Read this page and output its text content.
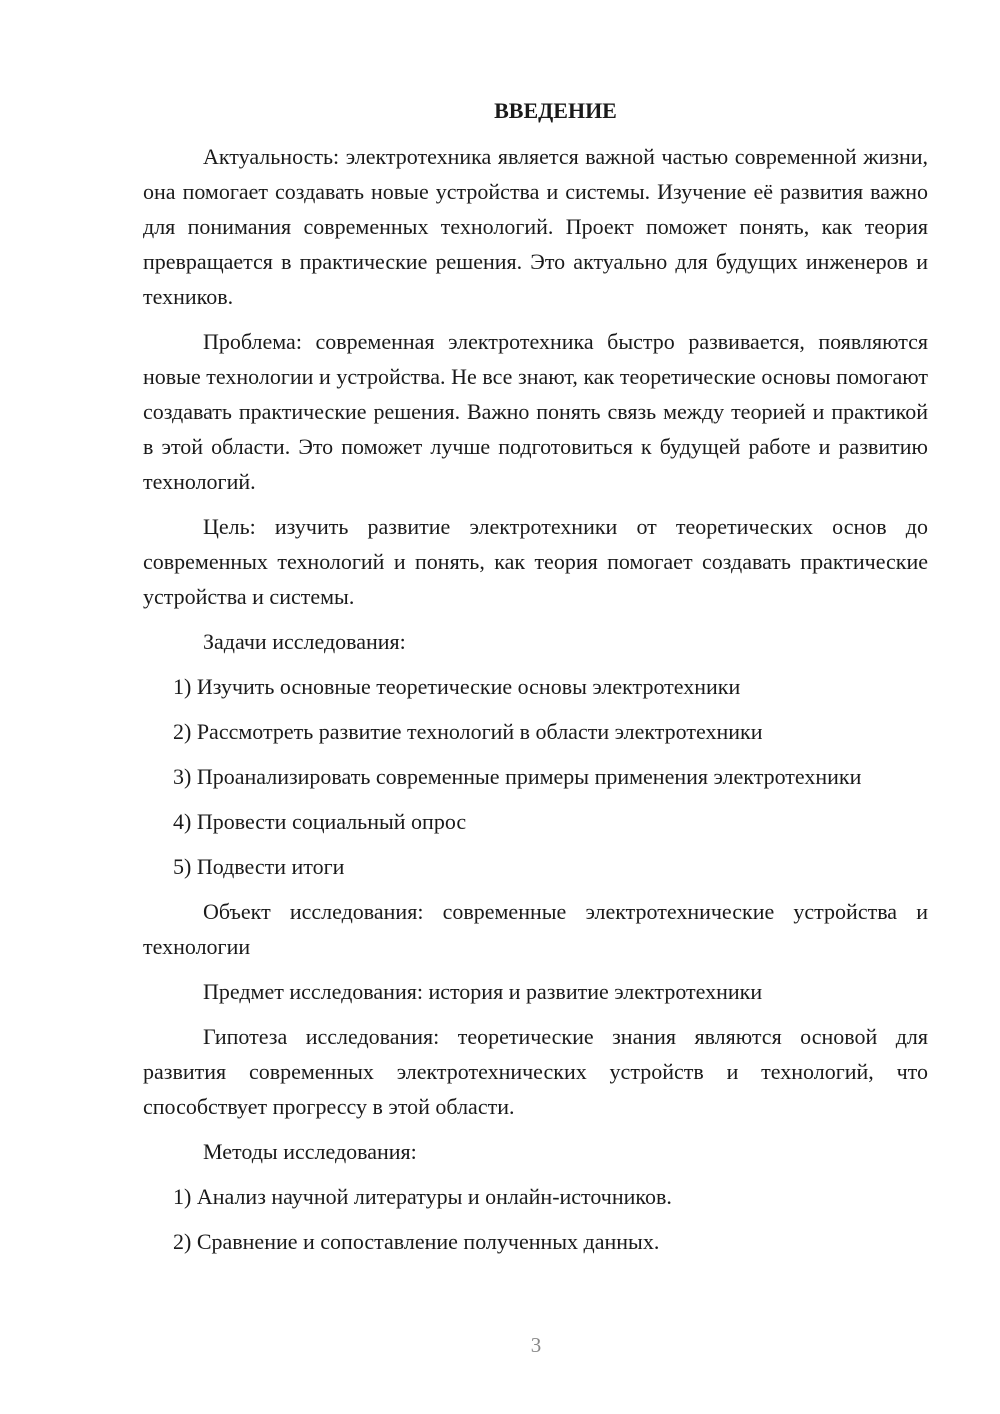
ВВЕДЕНИЕ

Актуальность: электротехника является важной частью современной жизни, она помогает создавать новые устройства и системы. Изучение её развития важно для понимания современных технологий. Проект поможет понять, как теория превращается в практические решения. Это актуально для будущих инженеров и техников.

Проблема: современная электротехника быстро развивается, появляются новые технологии и устройства. Не все знают, как теоретические основы помогают создавать практические решения. Важно понять связь между теорией и практикой в этой области. Это поможет лучше подготовиться к будущей работе и развитию технологий.

Цель: изучить развитие электротехники от теоретических основ до современных технологий и понять, как теория помогает создавать практические устройства и системы.

Задачи исследования:

1) Изучить основные теоретические основы электротехники

2) Рассмотреть развитие технологий в области электротехники

3) Проанализировать современные примеры применения электротехники

4) Провести социальный опрос

5) Подвести итоги

Объект исследования: современные электротехнические устройства и технологии

Предмет исследования: история и развитие электротехники

Гипотеза исследования: теоретические знания являются основой для развития современных электротехнических устройств и технологий, что способствует прогрессу в этой области.

Методы исследования:

1) Анализ научной литературы и онлайн-источников.

2) Сравнение и сопоставление полученных данных.

3
